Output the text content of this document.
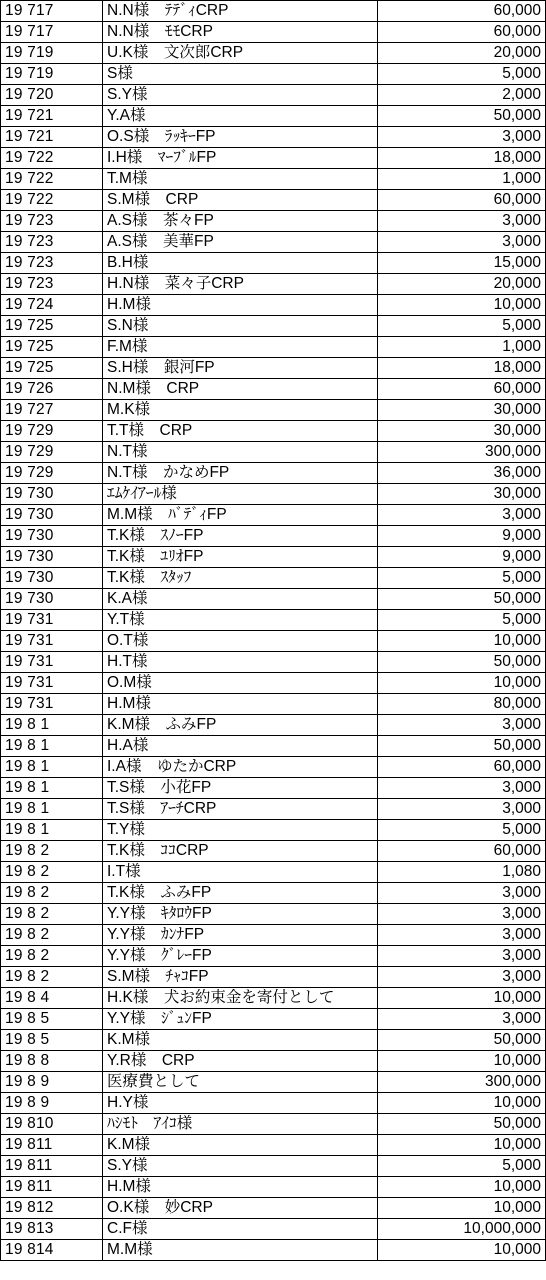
19 717	N.N様　ﾃﾃﾞｨCRP	60,000
19 717	N.N様　ﾓﾓCRP	60,000
19 719	U.K様　文次郎CRP	20,000
19 719	S様	5,000
19 720	S.Y様	2,000
19 721	Y.A様	50,000
19 721	O.S様　ﾗｯｷｰFP	3,000
19 722	I.H様　ﾏｰﾌﾞﾙFP	18,000
19 722	T.M様	1,000
19 722	S.M様　CRP	60,000
19 723	A.S様　茶々FP	3,000
19 723	A.S様　美華FP	3,000
19 723	B.H様	15,000
19 723	H.N様　菜々子CRP	20,000
19 724	H.M様	10,000
19 725	S.N様	5,000
19 725	F.M様	1,000
19 725	S.H様　銀河FP	18,000
19 726	N.M様　CRP	60,000
19 727	M.K様	30,000
19 729	T.T様　CRP	30,000
19 729	N.T様	300,000
19 729	N.T様　かなめFP	36,000
19 730	ｴﾑｹｲｱｰﾙ様	30,000
19 730	M.M様　ﾊﾞﾃﾞｨFP	3,000
19 730	T.K様　ｽﾉｰFP	9,000
19 730	T.K様　ﾕﾘｵFP	9,000
19 730	T.K様　ｽﾀｯﾌ	5,000
19 730	K.A様	50,000
19 731	Y.T様	5,000
19 731	O.T様	10,000
19 731	H.T様	50,000
19 731	O.M様	10,000
19 731	H.M様	80,000
19 8 1	K.M様　ふみFP	3,000
19 8 1	H.A様	50,000
19 8 1	I.A様　ゆたかCRP	60,000
19 8 1	T.S様　小花FP	3,000
19 8 1	T.S様　ｱｰﾁCRP	3,000
19 8 1	T.Y様	5,000
19 8 2	T.K様　ｺｺCRP	60,000
19 8 2	I.T様	1,080
19 8 2	T.K様　ふみFP	3,000
19 8 2	Y.Y様　ｷﾀﾛｳFP	3,000
19 8 2	Y.Y様　ｶﾝﾅFP	3,000
19 8 2	Y.Y様　ｸﾞﾚｰFP	3,000
19 8 2	S.M様　ﾁｬｺFP	3,000
19 8 4	H.K様　犬お約束金を寄付として	10,000
19 8 5	Y.Y様　ｼﾞｭﾝFP	3,000
19 8 5	K.M様	50,000
19 8 8	Y.R様　CRP	10,000
19 8 9	医療費として	300,000
19 8 9	H.Y様	10,000
19 810	ﾊｼﾓﾄ　ｱｲｺ様	50,000
19 811	K.M様	10,000
19 811	S.Y様	5,000
19 811	H.M様	10,000
19 812	O.K様　妙CRP	10,000
19 813	C.F様	10,000,000
19 814	M.M様	10,000
